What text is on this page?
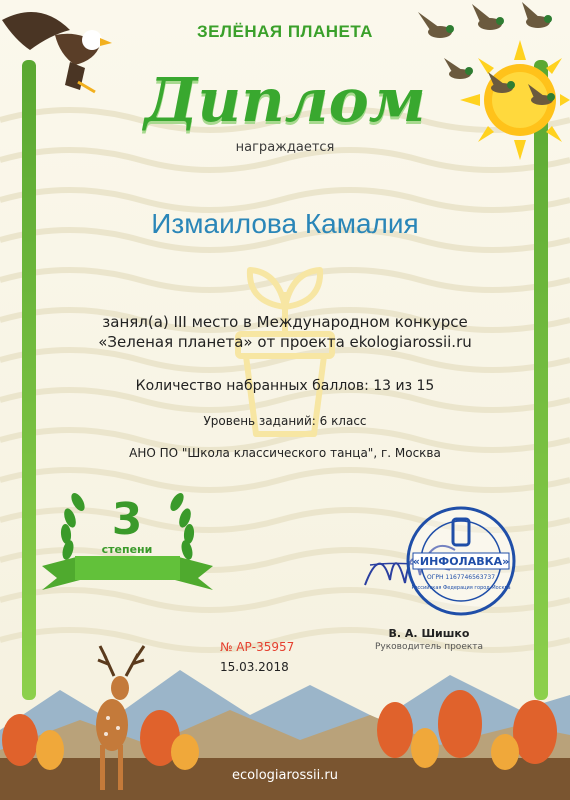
ЗЕЛЁНАЯ ПЛАНЕТА
Диплом
награждается
Измаилова Камалия
занял(а) III место в Международном конкурсе
«Зеленая планета» от проекта ekologiarossii.ru
Количество набранных баллов: 13 из 15
Уровень заданий: 6 класс
АНО ПО "Школа классического танца", г. Москва
3
степени
«ИНФОЛАВКА»
ОГРН 1167746563737
Российская Федерация город Москва
№ АР-35957
15.03.2018
В. А. Шишко
Руководитель проекта
ecologiarossii.ru
